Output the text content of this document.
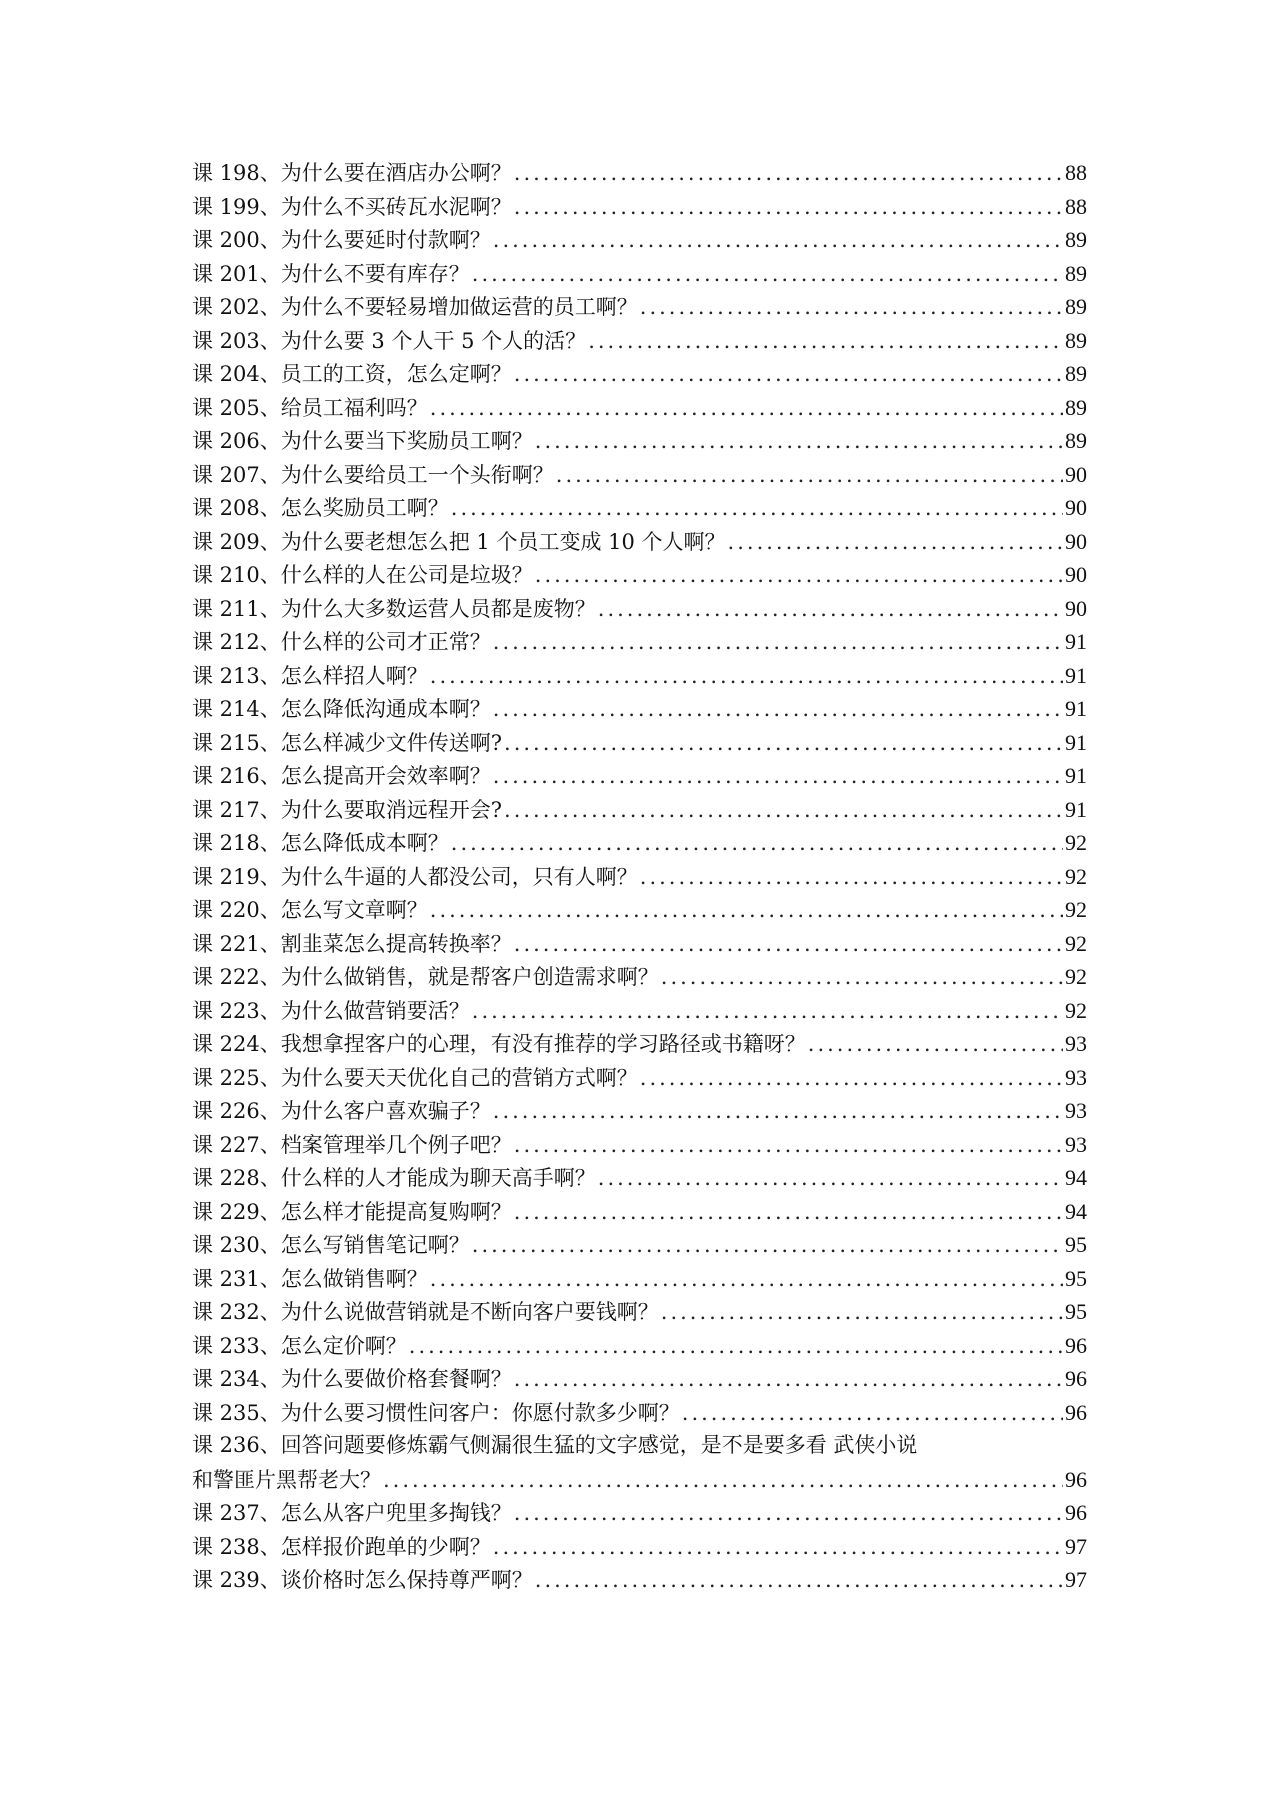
课 198、为什么要在酒店办公啊？ .....	88
课 199、为什么不买砖瓦水泥啊？ .....	88
课 200、为什么要延时付款啊？ .....	89
课 201、为什么不要有库存？ .....	89
课 202、为什么不要轻易增加做运营的员工啊？ .....	89
课 203、为什么要 3 个人干 5 个人的活？ .....	89
课 204、员工的工资，怎么定啊？ .....	89
课 205、给员工福利吗？ .....	89
课 206、为什么要当下奖励员工啊？ .....	89
课 207、为什么要给员工一个头衔啊？ .....	90
课 208、怎么奖励员工啊？ .....	90
课 209、为什么要老想怎么把 1 个员工变成 10 个人啊？ .....	90
课 210、什么样的人在公司是垃圾？ .....	90
课 211、为什么大多数运营人员都是废物？ .....	90
课 212、什么样的公司才正常？ .....	91
课 213、怎么样招人啊？ .....	91
课 214、怎么降低沟通成本啊？ .....	91
课 215、怎么样减少文件传送啊? .....	91
课 216、怎么提高开会效率啊？ .....	91
课 217、为什么要取消远程开会? .....	91
课 218、怎么降低成本啊？ .....	92
课 219、为什么牛逼的人都没公司，只有人啊？ .....	92
课 220、怎么写文章啊？ .....	92
课 221、割韭菜怎么提高转换率？ .....	92
课 222、为什么做销售，就是帮客户创造需求啊？ .....	92
课 223、为什么做营销要活？ .....	92
课 224、我想拿捏客户的心理，有没有推荐的学习路径或书籍呀？ .....	93
课 225、为什么要天天优化自己的营销方式啊？ .....	93
课 226、为什么客户喜欢骗子？ .....	93
课 227、档案管理举几个例子吧？ .....	93
课 228、什么样的人才能成为聊天高手啊？ .....	94
课 229、怎么样才能提高复购啊？ .....	94
课 230、怎么写销售笔记啊？ .....	95
课 231、怎么做销售啊？ .....	95
课 232、为什么说做营销就是不断向客户要钱啊？ .....	95
课 233、怎么定价啊？ .....	96
课 234、为什么要做价格套餐啊？ .....	96
课 235、为什么要习惯性问客户：你愿付款多少啊？ .....	96
课 236、回答问题要修炼霸气侧漏很生猛的文字感觉，是不是要多看 武侠小说
和警匪片黑帮老大？ .....	96
课 237、怎么从客户兜里多掏钱？ .....	96
课 238、怎样报价跑单的少啊？ .....	97
课 239、谈价格时怎么保持尊严啊？ .....	97
